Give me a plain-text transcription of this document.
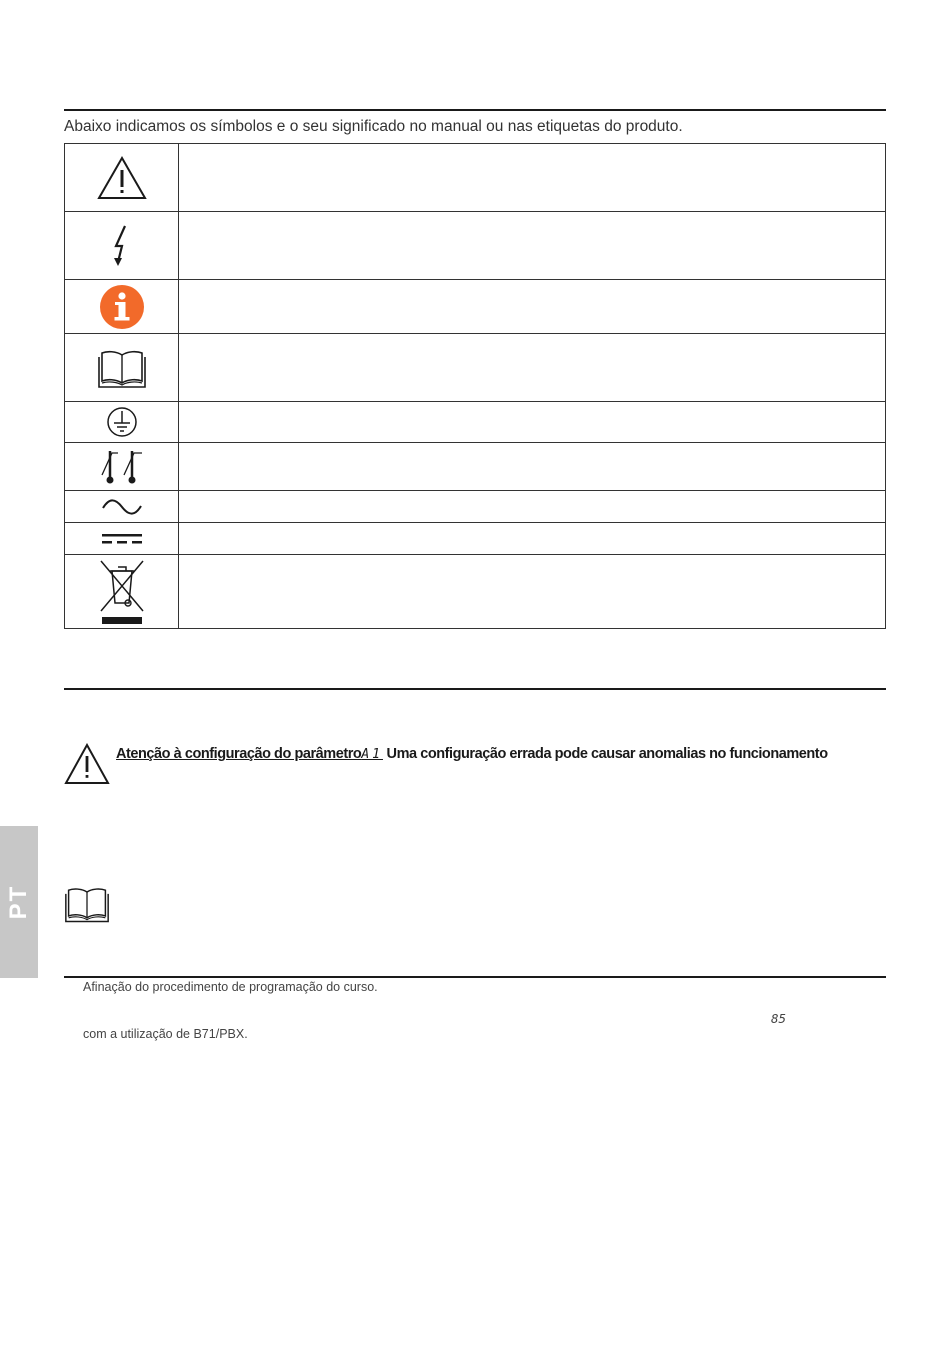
Abaixo indicamos os símbolos e o seu significado no manual ou nas etiquetas do produto.

Atenção à configuração do parâmetroA1 Uma configuração errada pode causar anomalias no funcionamento
PT
Afinação do procedimento de programação do curso.
85
com a utilização de B71/PBX.
